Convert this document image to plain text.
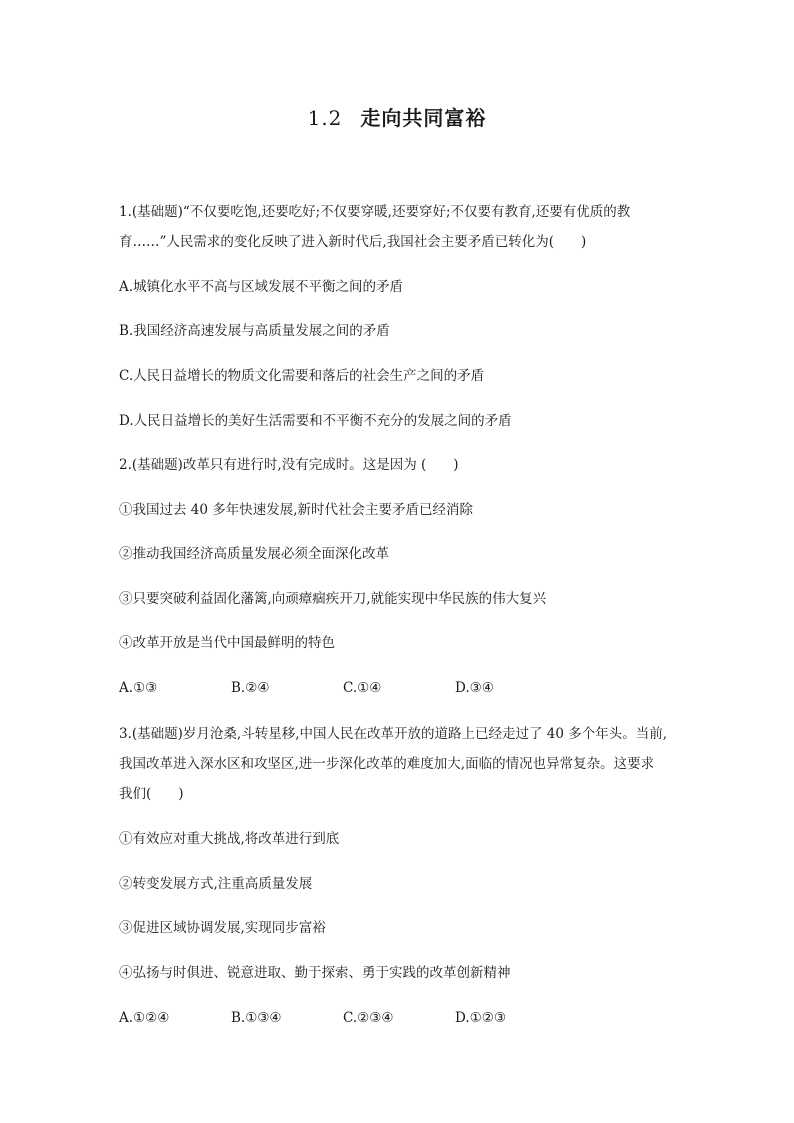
1.2 走向共同富裕
1.(基础题)“不仅要吃饱,还要吃好;不仅要穿暖,还要穿好;不仅要有教育,还要有优质的教
育……”人民需求的变化反映了进入新时代后,我国社会主要矛盾已转化为(　　)
A.城镇化水平不高与区域发展不平衡之间的矛盾
B.我国经济高速发展与高质量发展之间的矛盾
C.人民日益增长的物质文化需要和落后的社会生产之间的矛盾
D.人民日益增长的美好生活需要和不平衡不充分的发展之间的矛盾
2.(基础题)改革只有进行时,没有完成时。这是因为 (　　)
①我国过去 40 多年快速发展,新时代社会主要矛盾已经消除
②推动我国经济高质量发展必须全面深化改革
③只要突破利益固化藩篱,向顽瘴痼疾开刀,就能实现中华民族的伟大复兴
④改革开放是当代中国最鲜明的特色
A.①③	B.②④	C.①④	D.③④
3.(基础题)岁月沧桑,斗转星移,中国人民在改革开放的道路上已经走过了 40 多个年头。当前,
我国改革进入深水区和攻坚区,进一步深化改革的难度加大,面临的情况也异常复杂。这要求
我们(　　)
①有效应对重大挑战,将改革进行到底
②转变发展方式,注重高质量发展
③促进区域协调发展,实现同步富裕
④弘扬与时俱进、锐意进取、勤于探索、勇于实践的改革创新精神
A.①②④	B.①③④	C.②③④	D.①②③
